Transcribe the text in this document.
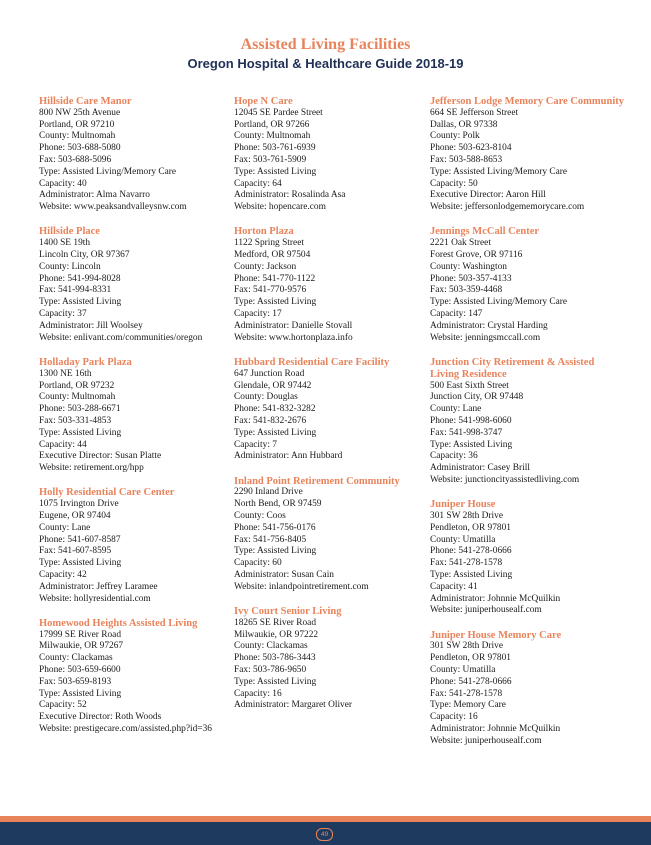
Assisted Living Facilities
Oregon Hospital & Healthcare Guide 2018-19
Hillside Care Manor
800 NW 25th Avenue
Portland, OR 97210
County: Multnomah
Phone: 503-688-5080
Fax: 503-688-5096
Type: Assisted Living/Memory Care
Capacity: 40
Administrator: Alma Navarro
Website: www.peaksandvalleysnw.com
Hillside Place
1400 SE 19th
Lincoln City, OR 97367
County: Lincoln
Phone: 541-994-8028
Fax: 541-994-8331
Type: Assisted Living
Capacity: 37
Administrator: Jill Woolsey
Website: enlivant.com/communities/oregon
Holladay Park Plaza
1300 NE 16th
Portland, OR 97232
County: Multnomah
Phone: 503-288-6671
Fax: 503-331-4853
Type: Assisted Living
Capacity: 44
Executive Director: Susan Platte
Website: retirement.org/hpp
Holly Residential Care Center
1075 Irvington Drive
Eugene, OR 97404
County: Lane
Phone: 541-607-8587
Fax: 541-607-8595
Type: Assisted Living
Capacity: 42
Administrator: Jeffrey Laramee
Website: hollyresidential.com
Homewood Heights Assisted Living
17999 SE River Road
Milwaukie, OR 97267
County: Clackamas
Phone: 503-659-6600
Fax: 503-659-8193
Type: Assisted Living
Capacity: 52
Executive Director: Roth Woods
Website: prestigecare.com/assisted.php?id=36
Hope N Care
12045 SE Pardee Street
Portland, OR 97266
County: Multnomah
Phone: 503-761-6939
Fax: 503-761-5909
Type: Assisted Living
Capacity: 64
Administrator: Rosalinda Asa
Website: hopencare.com
Horton Plaza
1122 Spring Street
Medford, OR 97504
County: Jackson
Phone: 541-770-1122
Fax: 541-770-9576
Type: Assisted Living
Capacity: 17
Administrator: Danielle Stovall
Website: www.hortonplaza.info
Hubbard Residential Care Facility
647 Junction Road
Glendale, OR 97442
County: Douglas
Phone: 541-832-3282
Fax: 541-832-2676
Type: Assisted Living
Capacity: 7
Administrator: Ann Hubbard
Inland Point Retirement Community
2290 Inland Drive
North Bend, OR 97459
County: Coos
Phone: 541-756-0176
Fax: 541-756-8405
Type: Assisted Living
Capacity: 60
Administrator: Susan Cain
Website: inlandpointretirement.com
Ivy Court Senior Living
18265 SE River Road
Milwaukie, OR 97222
County: Clackamas
Phone: 503-786-3443
Fax: 503-786-9650
Type: Assisted Living
Capacity: 16
Administrator: Margaret Oliver
Jefferson Lodge Memory Care Community
664 SE Jefferson Street
Dallas, OR 97338
County: Polk
Phone: 503-623-8104
Fax: 503-588-8653
Type: Assisted Living/Memory Care
Capacity: 50
Executive Director: Aaron Hill
Website: jeffersonlodgememorycare.com
Jennings McCall Center
2221 Oak Street
Forest Grove, OR 97116
County: Washington
Phone: 503-357-4133
Fax: 503-359-4468
Type: Assisted Living/Memory Care
Capacity: 147
Administrator: Crystal Harding
Website: jenningsmccall.com
Junction City Retirement & Assisted Living Residence
500 East Sixth Street
Junction City, OR 97448
County: Lane
Phone: 541-998-6060
Fax: 541-998-3747
Type: Assisted Living
Capacity: 36
Administrator: Casey Brill
Website: junctioncityassistedliving.com
Juniper House
301 SW 28th Drive
Pendleton, OR 97801
County: Umatilla
Phone: 541-278-0666
Fax: 541-278-1578
Type: Assisted Living
Capacity: 41
Administrator: Johnnie McQuilkin
Website: juniperhousealf.com
Juniper House Memory Care
301 SW 28th Drive
Pendleton, OR 97801
County: Umatilla
Phone: 541-278-0666
Fax: 541-278-1578
Type: Memory Care
Capacity: 16
Administrator: Johnnie McQuilkin
Website: juniperhousealf.com
49
